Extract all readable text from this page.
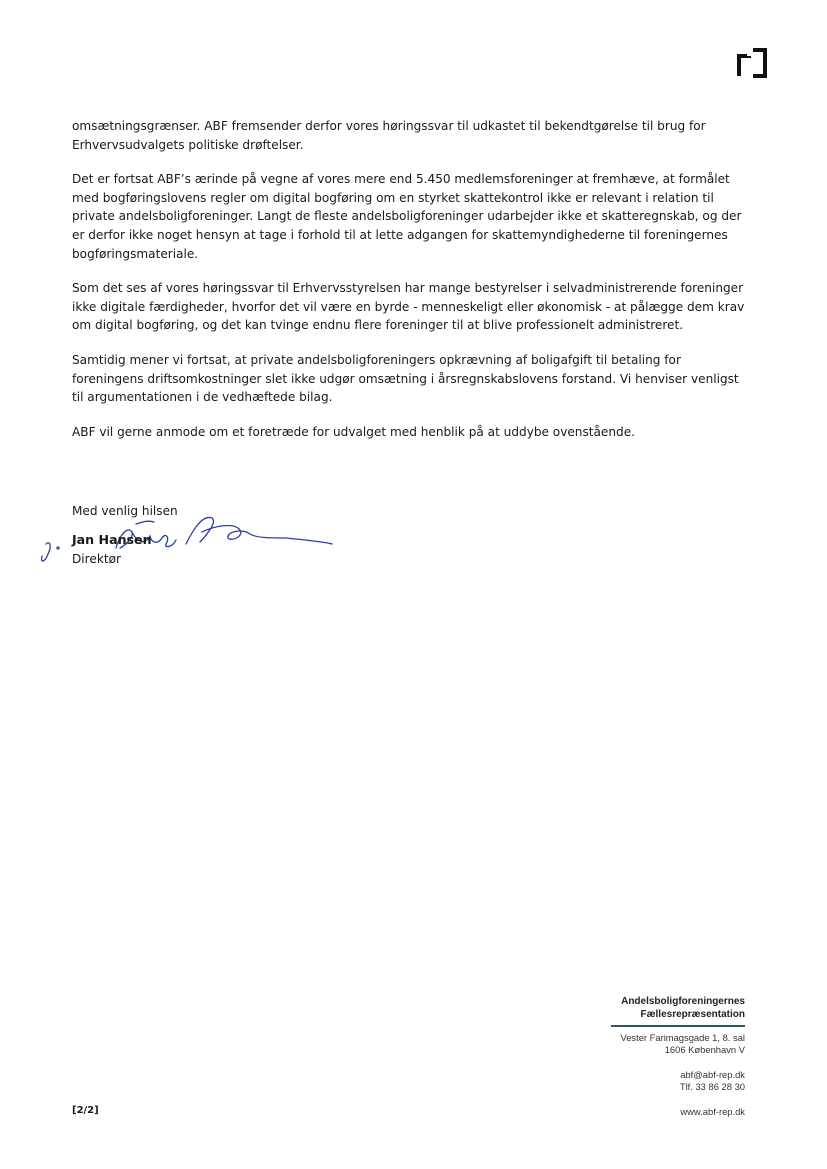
omsætningsgrænser. ABF fremsender derfor vores høringssvar til udkastet til bekendtgørelse til brug for Erhvervsudvalgets politiske drøftelser.

Det er fortsat ABF’s ærinde på vegne af vores mere end 5.450 medlemsforeninger at fremhæve, at formålet med bogføringslovens regler om digital bogføring om en styrket skattekontrol ikke er relevant i relation til private andelsboligforeninger. Langt de fleste andelsboligforeninger udarbejder ikke et skatteregnskab, og der er derfor ikke noget hensyn at tage i forhold til at lette adgangen for skattemyndighederne til foreningernes bogføringsmateriale.

Som det ses af vores høringssvar til Erhvervsstyrelsen har mange bestyrelser i selvadministrerende foreninger ikke digitale færdigheder, hvorfor det vil være en byrde - menneskeligt eller økonomisk - at pålægge dem krav om digital bogføring, og det kan tvinge endnu flere foreninger til at blive professionelt administreret.

Samtidig mener vi fortsat, at private andelsboligforeningers opkrævning af boligafgift til betaling for foreningens driftsomkostninger slet ikke udgør omsætning i årsregnskabslovens forstand. Vi henviser venligst til argumentationen i de vedhæftede bilag.

ABF vil gerne anmode om et foretræde for udvalget med henblik på at uddybe ovenstående.

Med venlig hilsen

Jan Hansen

Direktør

[2/2]
Andelsboligforeningernes
Fællesrepræsentation
Vester Farimagsgade 1, 8. sal
1606 København V
abf@abf-rep.dk
Tlf. 33 86 28 30
www.abf-rep.dk
